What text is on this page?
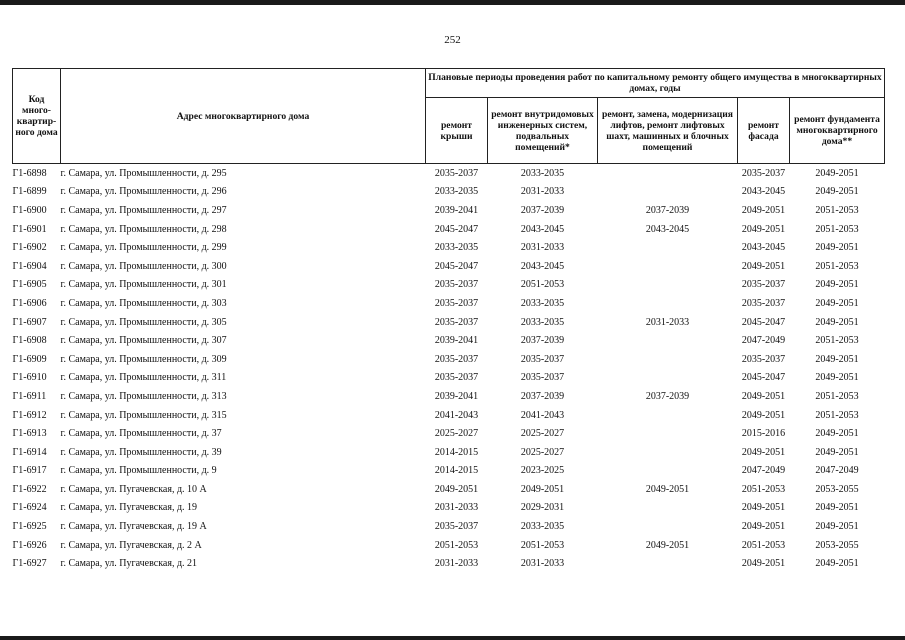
252
Код много-квартир-ного дома	Адрес многоквартирного дома	Плановые периоды проведения работ по капитальному ремонту общего имущества в многоквартирных домах, годы				
		ремонт крыши	ремонт внутридомовых инженерных систем, подвальных помещений*	ремонт, замена, модернизация лифтов, ремонт лифтовых шахт, машинных и блочных помещений	ремонт фасада	ремонт фундамента многоквартирного дома**
Г1-6898	г. Самара, ул. Промышленности, д. 295	2035-2037	2033-2035		2035-2037	2049-2051
Г1-6899	г. Самара, ул. Промышленности, д. 296	2033-2035	2031-2033		2043-2045	2049-2051
Г1-6900	г. Самара, ул. Промышленности, д. 297	2039-2041	2037-2039	2037-2039	2049-2051	2051-2053
Г1-6901	г. Самара, ул. Промышленности, д. 298	2045-2047	2043-2045	2043-2045	2049-2051	2051-2053
Г1-6902	г. Самара, ул. Промышленности, д. 299	2033-2035	2031-2033		2043-2045	2049-2051
Г1-6904	г. Самара, ул. Промышленности, д. 300	2045-2047	2043-2045		2049-2051	2051-2053
Г1-6905	г. Самара, ул. Промышленности, д. 301	2035-2037	2051-2053		2035-2037	2049-2051
Г1-6906	г. Самара, ул. Промышленности, д. 303	2035-2037	2033-2035		2035-2037	2049-2051
Г1-6907	г. Самара, ул. Промышленности, д. 305	2035-2037	2033-2035	2031-2033	2045-2047	2049-2051
Г1-6908	г. Самара, ул. Промышленности, д. 307	2039-2041	2037-2039		2047-2049	2051-2053
Г1-6909	г. Самара, ул. Промышленности, д. 309	2035-2037	2035-2037		2035-2037	2049-2051
Г1-6910	г. Самара, ул. Промышленности, д. 311	2035-2037	2035-2037		2045-2047	2049-2051
Г1-6911	г. Самара, ул. Промышленности, д. 313	2039-2041	2037-2039	2037-2039	2049-2051	2051-2053
Г1-6912	г. Самара, ул. Промышленности, д. 315	2041-2043	2041-2043		2049-2051	2051-2053
Г1-6913	г. Самара, ул. Промышленности, д. 37	2025-2027	2025-2027		2015-2016	2049-2051
Г1-6914	г. Самара, ул. Промышленности, д. 39	2014-2015	2025-2027		2049-2051	2049-2051
Г1-6917	г. Самара, ул. Промышленности, д. 9	2014-2015	2023-2025		2047-2049	2047-2049
Г1-6922	г. Самара, ул. Пугачевская, д. 10 А	2049-2051	2049-2051	2049-2051	2051-2053	2053-2055
Г1-6924	г. Самара, ул. Пугачевская, д. 19	2031-2033	2029-2031		2049-2051	2049-2051
Г1-6925	г. Самара, ул. Пугачевская, д. 19 А	2035-2037	2033-2035		2049-2051	2049-2051
Г1-6926	г. Самара, ул. Пугачевская, д. 2 А	2051-2053	2051-2053	2049-2051	2051-2053	2053-2055
Г1-6927	г. Самара, ул. Пугачевская, д. 21	2031-2033	2031-2033		2049-2051	2049-2051
